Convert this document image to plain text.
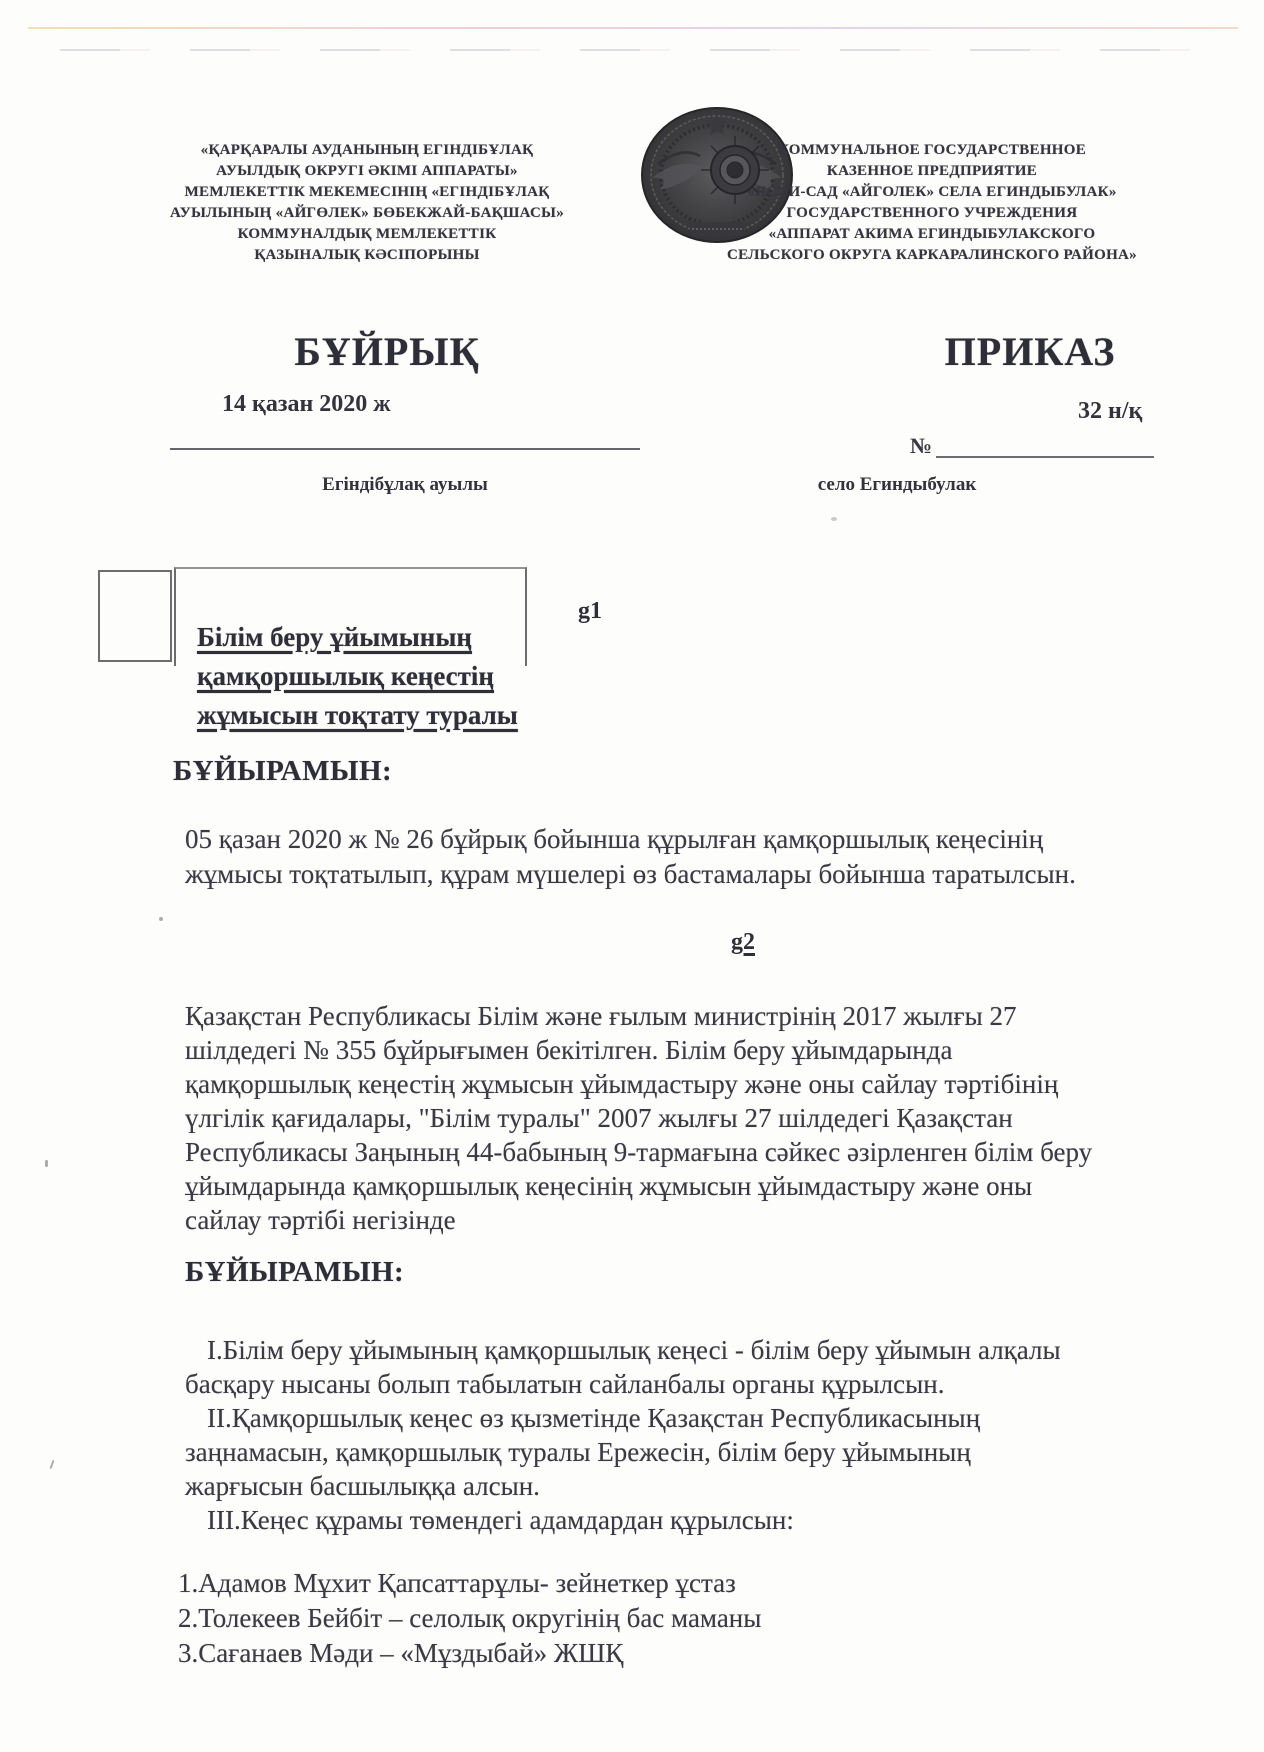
«ҚАРҚАРАЛЫ АУДАНЫНЫҢ ЕГІНДІБҰЛАҚ
АУЫЛДЫҚ ОКРУГІ ӘКІМІ АППАРАТЫ»
МЕМЛЕКЕТТІК МЕКЕМЕСІНІҢ «ЕГІНДІБҰЛАҚ
АУЫЛЫНЫҢ «АЙГӨЛЕК» БӨБЕКЖАЙ-БАҚШАСЫ»
КОММУНАЛДЫҚ МЕМЛЕКЕТТІК
ҚАЗЫНАЛЫҚ КӘСІПОРЫНЫ
КОММУНАЛЬНОЕ ГОСУДАРСТВЕННОЕ
КАЗЕННОЕ ПРЕДПРИЯТИЕ
«ЯСЛИ-САД «АЙГОЛЕК» СЕЛА ЕГИНДЫБУЛАК»
ГОСУДАРСТВЕННОГО УЧРЕЖДЕНИЯ
«АППАРАТ АКИМА ЕГИНДЫБУЛАКСКОГО
СЕЛЬСКОГО ОКРУГА КАРКАРАЛИНСКОГО РАЙОНА»
БҰЙРЫҚ	ПРИКАЗ
14 қазан 2020 ж	32 н/қ
№
Егіндібұлақ ауылы	село Егиндыбулак
Білім беру ұйымының
қамқоршылық кеңестің
жұмысын тоқтату туралы
g1
БҰЙЫРАМЫН:
05 қазан 2020 ж № 26 бұйрық бойынша құрылған қамқоршылық кеңесінің
жұмысы тоқтатылып, құрам мүшелері өз бастамалары бойынша таратылсын.
g2
Қазақстан Республикасы Білім және ғылым министрінің 2017 жылғы 27
шілдедегі № 355 бұйрығымен бекітілген. Білім беру ұйымдарында
қамқоршылық кеңестің жұмысын ұйымдастыру және оны сайлау тәртібінің
үлгілік қағидалары, "Білім туралы" 2007 жылғы 27 шілдедегі Қазақстан
Республикасы Заңының 44-бабының 9-тармағына сәйкес әзірленген білім беру
ұйымдарында қамқоршылық кеңесінің жұмысын ұйымдастыру және оны
сайлау тәртібі негізінде
БҰЙЫРАМЫН:
І.Білім беру ұйымының қамқоршылық кеңесі - білім беру ұйымын алқалы
басқару нысаны болып табылатын сайланбалы органы құрылсын.
ІІ.Қамқоршылық кеңес өз қызметінде Қазақстан Республикасының
заңнамасын, қамқоршылық туралы Ережесін, білім беру ұйымының
жарғысын басшылыққа алсын.
ІІІ.Кеңес құрамы төмендегі адамдардан құрылсын:
1.Адамов Мұхит Қапсаттарұлы- зейнеткер ұстаз
2.Толекеев Бейбіт – селолық округінің бас маманы
3.Сағанаев Мәди – «Мұздыбай» ЖШҚ
